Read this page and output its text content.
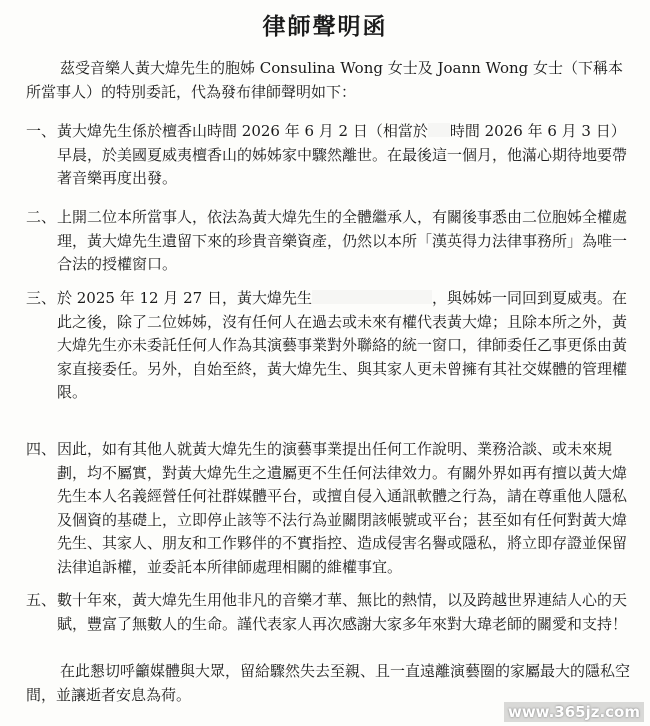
律師聲明函
茲受音樂人黃大煒先生的胞姊 Consulina Wong 女士及 Joann Wong 女士（下稱本所當事人）的特別委託，代為發布律師聲明如下：
一、 黃大煒先生係於檀香山時間 2026 年 6 月 2 日（相當於 時間 2026 年 6 月 3 日）早晨，於美國夏威夷檀香山的姊姊家中驟然離世。在最後這一個月，他滿心期待地要帶著音樂再度出發。
二、 上開二位本所當事人，依法為黃大煒先生的全體繼承人，有關後事悉由二位胞姊全權處理，黃大煒先生遺留下來的珍貴音樂資產，仍然以本所「漢英得力法律事務所」為唯一合法的授權窗口。
三、 於 2025 年 12 月 27 日，黃大煒先生	，與姊姊一同回到夏威夷。在此之後，除了二位姊姊，沒有任何人在過去或未來有權代表黃大煒；且除本所之外，黃大煒先生亦未委託任何人作為其演藝事業對外聯絡的統一窗口，律師委任乙事更係由黃家直接委任。另外，自始至終，黃大煒先生、與其家人更未曾擁有其社交媒體的管理權限。
四、 因此，如有其他人就黃大煒先生的演藝事業提出任何工作說明、業務洽談、或未來規劃，均不屬實，對黃大煒先生之遺屬更不生任何法律效力。有關外界如再有擅以黃大煒先生本人名義經營任何社群媒體平台，或擅自侵入通訊軟體之行為，請在尊重他人隱私及個資的基礎上，立即停止該等不法行為並關閉該帳號或平台；甚至如有任何對黃大煒先生、其家人、朋友和工作夥伴的不實指控、造成侵害名譽或隱私，將立即存證並保留法律追訴權，並委託本所律師處理相關的維權事宜。
五、 數十年來，黃大煒先生用他非凡的音樂才華、無比的熱情，以及跨越世界連結人心的天賦，豐富了無數人的生命。謹代表家人再次感謝大家多年來對大瑋老師的關愛和支持！
在此懇切呼籲媒體與大眾，留給驟然失去至親、且一直遠離演藝圈的家屬最大的隱私空間，並讓逝者安息為荷。
www.365jz.com
